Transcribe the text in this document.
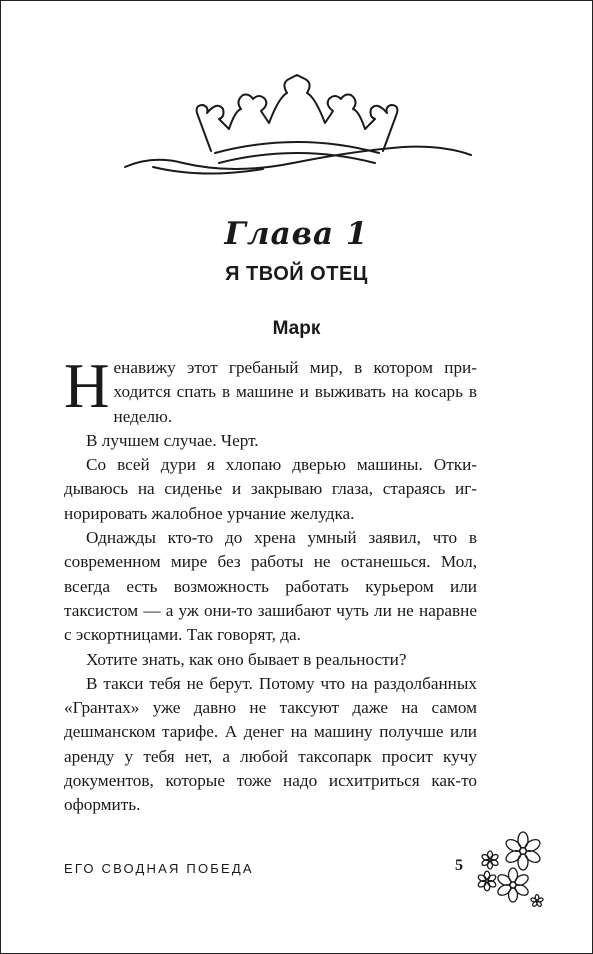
Глава 1
Я ТВОЙ ОТЕЦ
Марк

Ненавижу этот гребаный мир, в котором приходится спать в машине и выживать на косарь в неделю.

В лучшем случае. Черт.

Со всей дури я хлопаю дверью машины. Откидываюсь на сиденье и закрываю глаза, стараясь игнорировать жалобное урчание желудка.

Однажды кто-то до хрена умный заявил, что в современном мире без работы не останешься. Мол, всегда есть возможность работать курьером или таксистом — а уж они-то зашибают чуть ли не наравне с эскортницами. Так говорят, да.

Хотите знать, как оно бывает в реальности?

В такси тебя не берут. Потому что на раздолбанных «Грантах» уже давно не таксуют даже на самом дешманском тарифе. А денег на машину получше или аренду у тебя нет, а любой таксопарк просит кучу документов, которые тоже надо исхитриться как-то оформить.

ЕГО СВОДНАЯ ПОБЕДА	5
